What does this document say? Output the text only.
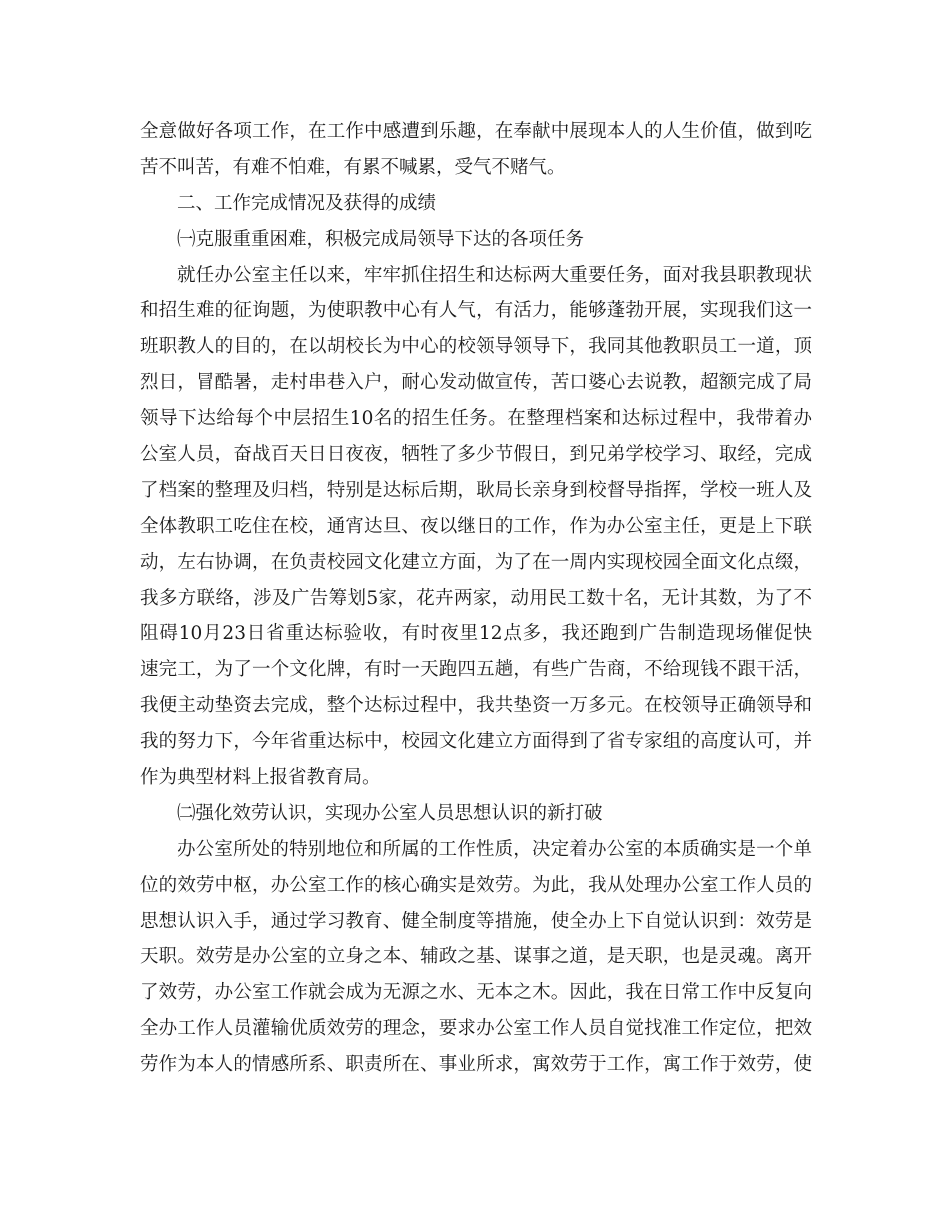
全意做好各项工作，在工作中感遭到乐趣，在奉献中展现本人的人生价值，做到吃
苦不叫苦，有难不怕难，有累不喊累，受气不赌气。
二、工作完成情况及获得的成绩
㈠克服重重困难，积极完成局领导下达的各项任务
就任办公室主任以来，牢牢抓住招生和达标两大重要任务，面对我县职教现状
和招生难的征询题，为使职教中心有人气，有活力，能够蓬勃开展，实现我们这一
班职教人的目的，在以胡校长为中心的校领导领导下，我同其他教职员工一道，顶
烈日，冒酷暑，走村串巷入户，耐心发动做宣传，苦口婆心去说教，超额完成了局
领导下达给每个中层招生10名的招生任务。在整理档案和达标过程中，我带着办
公室人员，奋战百天日日夜夜，牺牲了多少节假日，到兄弟学校学习、取经，完成
了档案的整理及归档，特别是达标后期，耿局长亲身到校督导指挥，学校一班人及
全体教职工吃住在校，通宵达旦、夜以继日的工作，作为办公室主任，更是上下联
动，左右协调，在负责校园文化建立方面，为了在一周内实现校园全面文化点缀，
我多方联络，涉及广告筹划5家，花卉两家，动用民工数十名，无计其数，为了不
阻碍10月23日省重达标验收，有时夜里12点多，我还跑到广告制造现场催促快
速完工，为了一个文化牌，有时一天跑四五趟，有些广告商，不给现钱不跟干活，
我便主动垫资去完成，整个达标过程中，我共垫资一万多元。在校领导正确领导和
我的努力下，今年省重达标中，校园文化建立方面得到了省专家组的高度认可，并
作为典型材料上报省教育局。
㈡强化效劳认识，实现办公室人员思想认识的新打破
办公室所处的特别地位和所属的工作性质，决定着办公室的本质确实是一个单
位的效劳中枢，办公室工作的核心确实是效劳。为此，我从处理办公室工作人员的
思想认识入手，通过学习教育、健全制度等措施，使全办上下自觉认识到：效劳是
天职。效劳是办公室的立身之本、辅政之基、谋事之道，是天职，也是灵魂。离开
了效劳，办公室工作就会成为无源之水、无本之木。因此，我在日常工作中反复向
全办工作人员灌输优质效劳的理念，要求办公室工作人员自觉找准工作定位，把效
劳作为本人的情感所系、职责所在、事业所求，寓效劳于工作，寓工作于效劳，使
